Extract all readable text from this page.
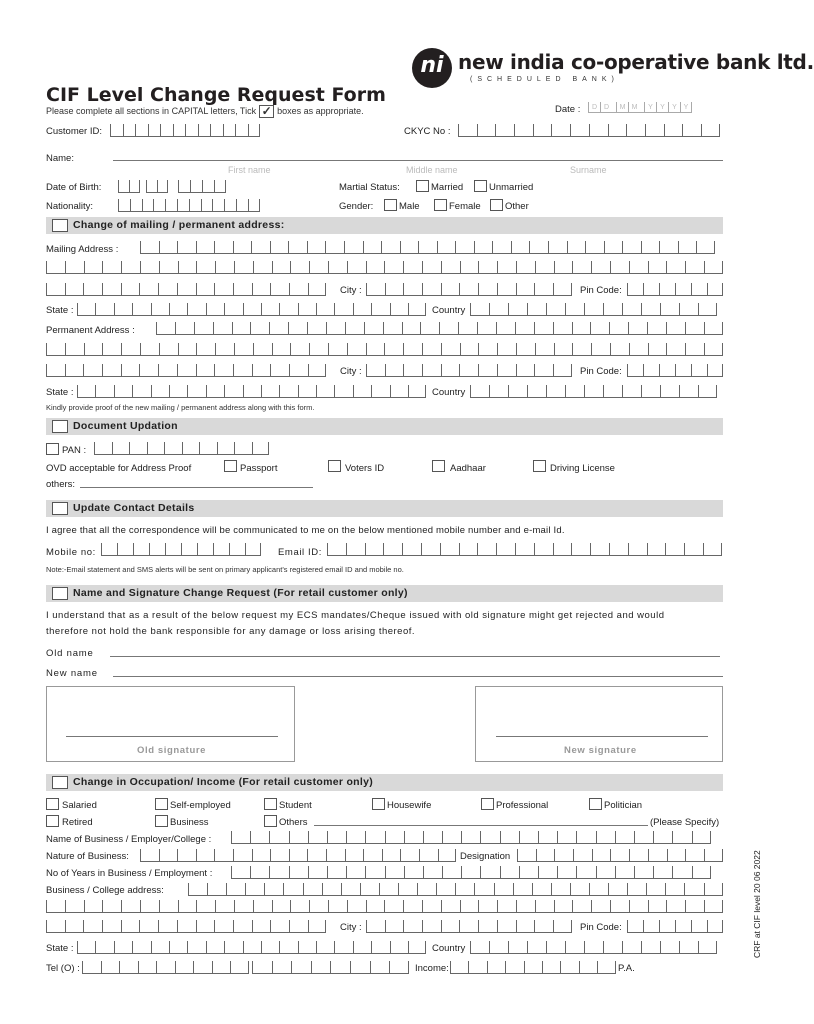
ni new india co-operative bank ltd.
(SCHEDULED BANK)
CIF Level Change Request Form
Please complete all sections in CAPITAL letters, Tick ✓ boxes as appropriate.	Date :	D D	M M	Y	Y	Y Y
Customer ID:	CKYC No :
Name:
First name	Middle name	Surname
Date of Birth:	Martial Status:	Married	Unmarried
Nationality:	Gender:	Male	Female	Other
Change of mailing / permanent address:
Mailing Address :
City :	Pin Code:
State :	Country
Permanent Address :
City :	Pin Code:
State :	Country
Kindly provide proof of the new mailing / permanent address along with this form.
Document Updation
PAN :
OVD acceptable for Address Proof	Passport	Voters ID	Aadhaar	Driving License
others:
Update Contact Details
I agree that all the correspondence will be communicated to me on the below mentioned mobile number and e-mail Id.
Mobile no:	Email ID:
Note:-Email statement and SMS alerts will be sent on primary applicant's registered email ID and mobile no.
Name and Signature Change Request (For retail customer only)
I understand that as a result of the below request my ECS mandates/Cheque issued with old signature might get rejected and would
therefore not hold the bank responsible for any damage or loss arising thereof.
Old name
New name
Old signature	New signature
Change in Occupation/ Income (For retail customer only)
Salaried	Self-employed	Student	Housewife	Professional	Politician
Retired	Business	Others	(Please Specify)
Name of Business / Employer/College :
Nature of Business:	Designation
No of Years in Business / Employment :
Business / College address:
City :	Pin Code:
State :	Country
Tel (O) :	Income:	P.A.
CRF at CIF level 20 06 2022
